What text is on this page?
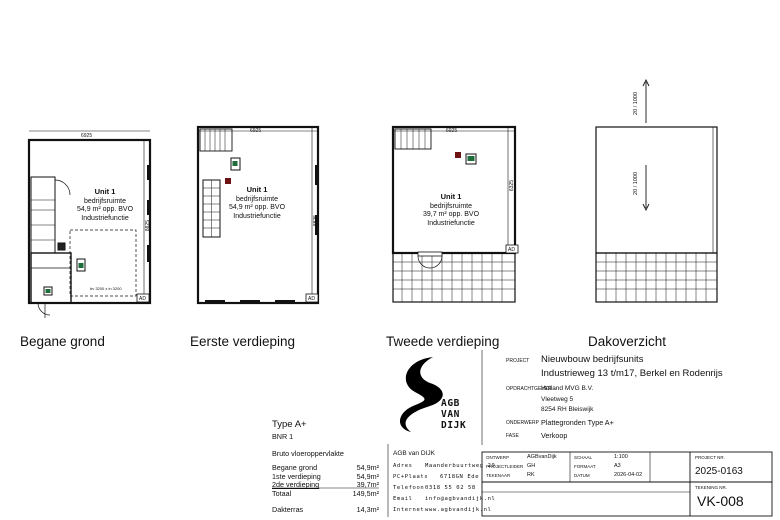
6925
8825
Unit 1
bedrijfsruimte
54,9 m² opp. BVO
Industriefunctie
bv 3200 x in 3200
AD
Begane grond
6925
8825
Unit 1
bedrijfsruimte
54,9 m² opp. BVO
Industriefunctie
AD
Eerste verdieping
6925
6325
Unit 1
bedrijfsruimte
39,7 m² opp. BVO
Industriefunctie
AD
Tweede verdieping
20 / 1000
20 / 1000
Dakoverzicht
Type A+
BNR 1
Bruto vloeroppervlakte
Begane grond	54,9m²
1ste verdieping	54,9m²
2de verdieping	39,7m²
Totaal	149,5m²
Dakterras	14,3m²
AGB
VAN
DIJK
AGB van DIJK
Adres Maanderbuurtweg 29
PC+Plaats 6718GN Ede
Telefoon 0318 55 02 58
Email info@agbvandijk.nl
Internet www.agbvandijk.nl
PROJECT Nieuwbouw bedrijfsunits
Industrieweg 13 t/m17, Berkel en Rodenrijs
OPDRACHTGEVER
Holland MVG B.V.
Vleetweg 5
8254 RH Bleiswijk
ONDERWERP Plattegronden Type A+
FASE	Verkoop
ONTWERP	AGBvanDijk
PROJECTLEIDER GH
TEKENAAR	RK
SCHAAL	1:100
FORMAAT	A3
DATUM	2026-04-02
PROJECT NR.
2025-0163
TEKENING NR.
VK-008
